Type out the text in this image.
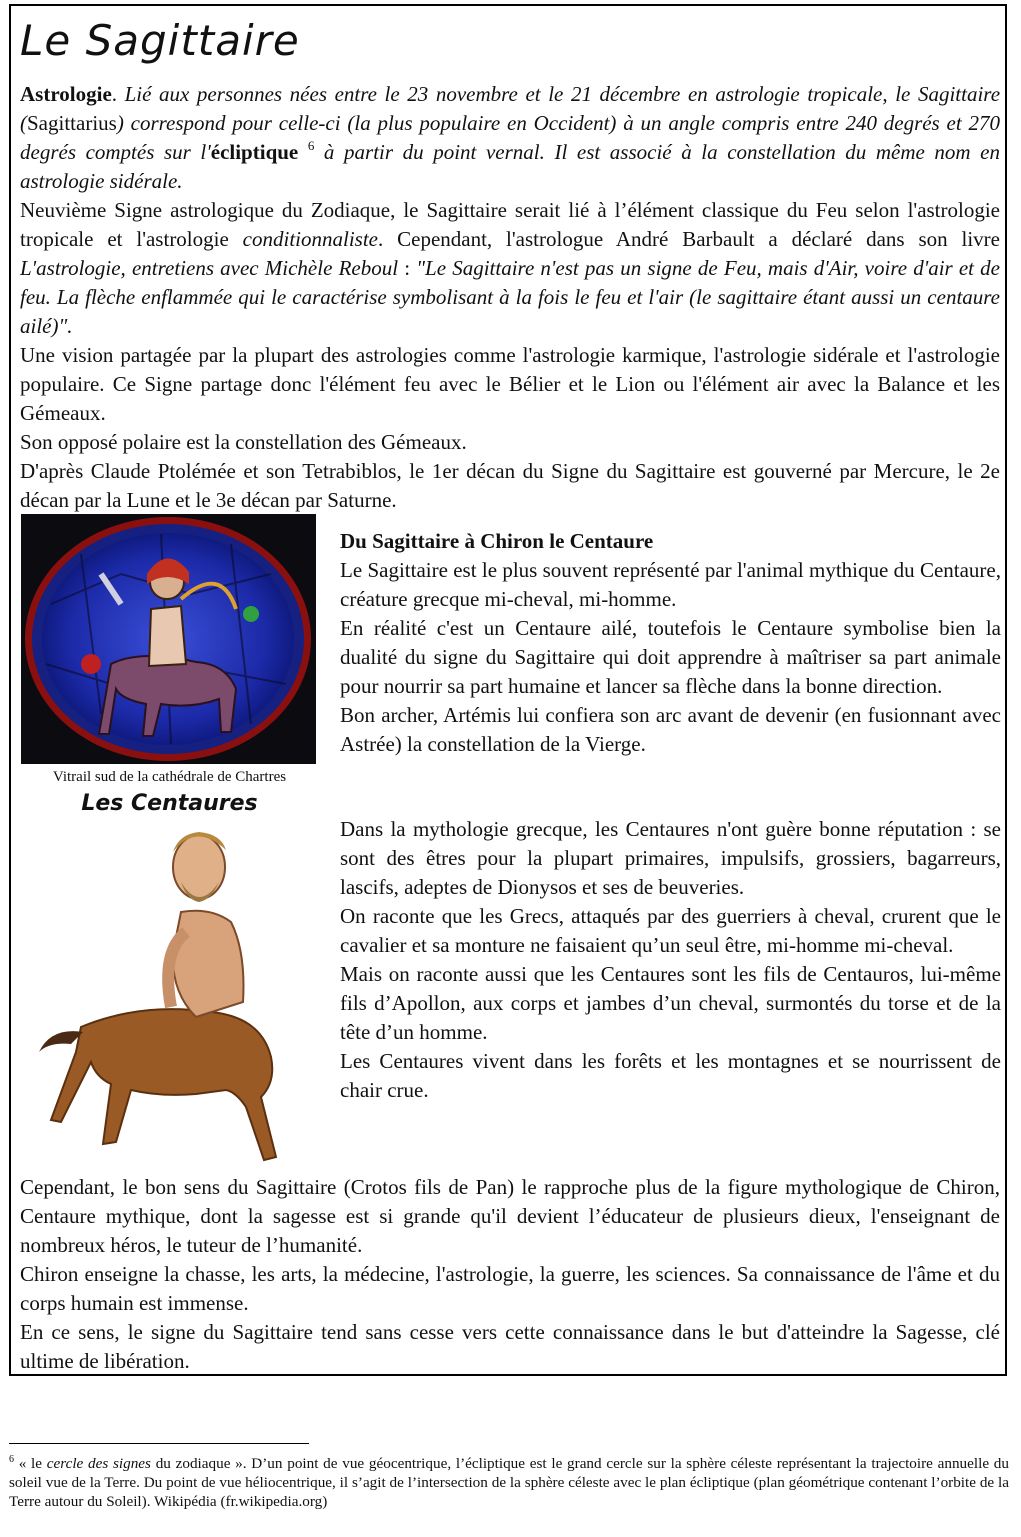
Le Sagittaire
Astrologie. Lié aux personnes nées entre le 23 novembre et le 21 décembre en astrologie tropicale, le Sagittaire (Sagittarius) correspond pour celle-ci (la plus populaire en Occident) à un angle compris entre 240 degrés et 270 degrés comptés sur l'écliptique $^6$ à partir du point vernal. Il est associé à la constellation du même nom en astrologie sidérale.
Neuvième Signe astrologique du Zodiaque, le Sagittaire serait lié à l’élément classique du Feu selon l'astrologie tropicale et l'astrologie conditionnaliste. Cependant, l'astrologue André Barbault a déclaré dans son livre L'astrologie, entretiens avec Michèle Reboul : "Le Sagittaire n'est pas un signe de Feu, mais d'Air, voire d'air et de feu. La flèche enflammée qui le caractérise symbolisant à la fois le feu et l'air (le sagittaire étant aussi un centaure ailé)".
Une vision partagée par la plupart des astrologies comme l'astrologie karmique, l'astrologie sidérale et l'astrologie populaire. Ce Signe partage donc l'élément feu avec le Bélier et le Lion ou l'élément air avec la Balance et les Gémeaux.
Son opposé polaire est la constellation des Gémeaux.
D'après Claude Ptolémée et son Tetrabiblos, le 1er décan du Signe du Sagittaire est gouverné par Mercure, le 2e décan par la Lune et le 3e décan par Saturne.

Vitrail sud de la cathédrale de Chartres

Les Centaures

Du Sagittaire à Chiron le Centaure
Le Sagittaire est le plus souvent représenté par l'animal mythique du Centaure, créature grecque mi-cheval, mi-homme.
En réalité c'est un Centaure ailé, toutefois le Centaure symbolise bien la dualité du signe du Sagittaire qui doit apprendre à maîtriser sa part animale pour nourrir sa part humaine et lancer sa flèche dans la bonne direction.
Bon archer, Artémis lui confiera son arc avant de devenir (en fusionnant avec Astrée) la constellation de la Vierge.
Dans la mythologie grecque, les Centaures n'ont guère bonne réputation : se sont des êtres pour la plupart primaires, impulsifs, grossiers, bagarreurs, lascifs, adeptes de Dionysos et ses de beuveries.
On raconte que les Grecs, attaqués par des guerriers à cheval, crurent que le cavalier et sa monture ne faisaient qu’un seul être, mi-homme mi-cheval.
Mais on raconte aussi que les Centaures sont les fils de Centauros, lui-même fils d’Apollon, aux corps et jambes d’un cheval, surmontés du torse et de la tête d’un homme.
Les Centaures vivent dans les forêts et les montagnes et se nourrissent de chair crue.
Cependant, le bon sens du Sagittaire (Crotos fils de Pan) le rapproche plus de la figure mythologique de Chiron, Centaure mythique, dont la sagesse est si grande qu'il devient l’éducateur de plusieurs dieux, l'enseignant de nombreux héros, le tuteur de l’humanité.
Chiron enseigne la chasse, les arts, la médecine, l'astrologie, la guerre, les sciences. Sa connaissance de l'âme et du corps humain est immense.
En ce sens, le signe du Sagittaire tend sans cesse vers cette connaissance dans le but d'atteindre la Sagesse, clé ultime de libération.

$^6$ « le cercle des signes du zodiaque ». D’un point de vue géocentrique, l’écliptique est le grand cercle sur la sphère céleste représentant la trajectoire annuelle du soleil vue de la Terre. Du point de vue héliocentrique, il s’agit de l’intersection de la sphère céleste avec le plan écliptique (plan géométrique contenant l’orbite de la Terre autour du Soleil). Wikipédia (fr.wikipedia.org)
